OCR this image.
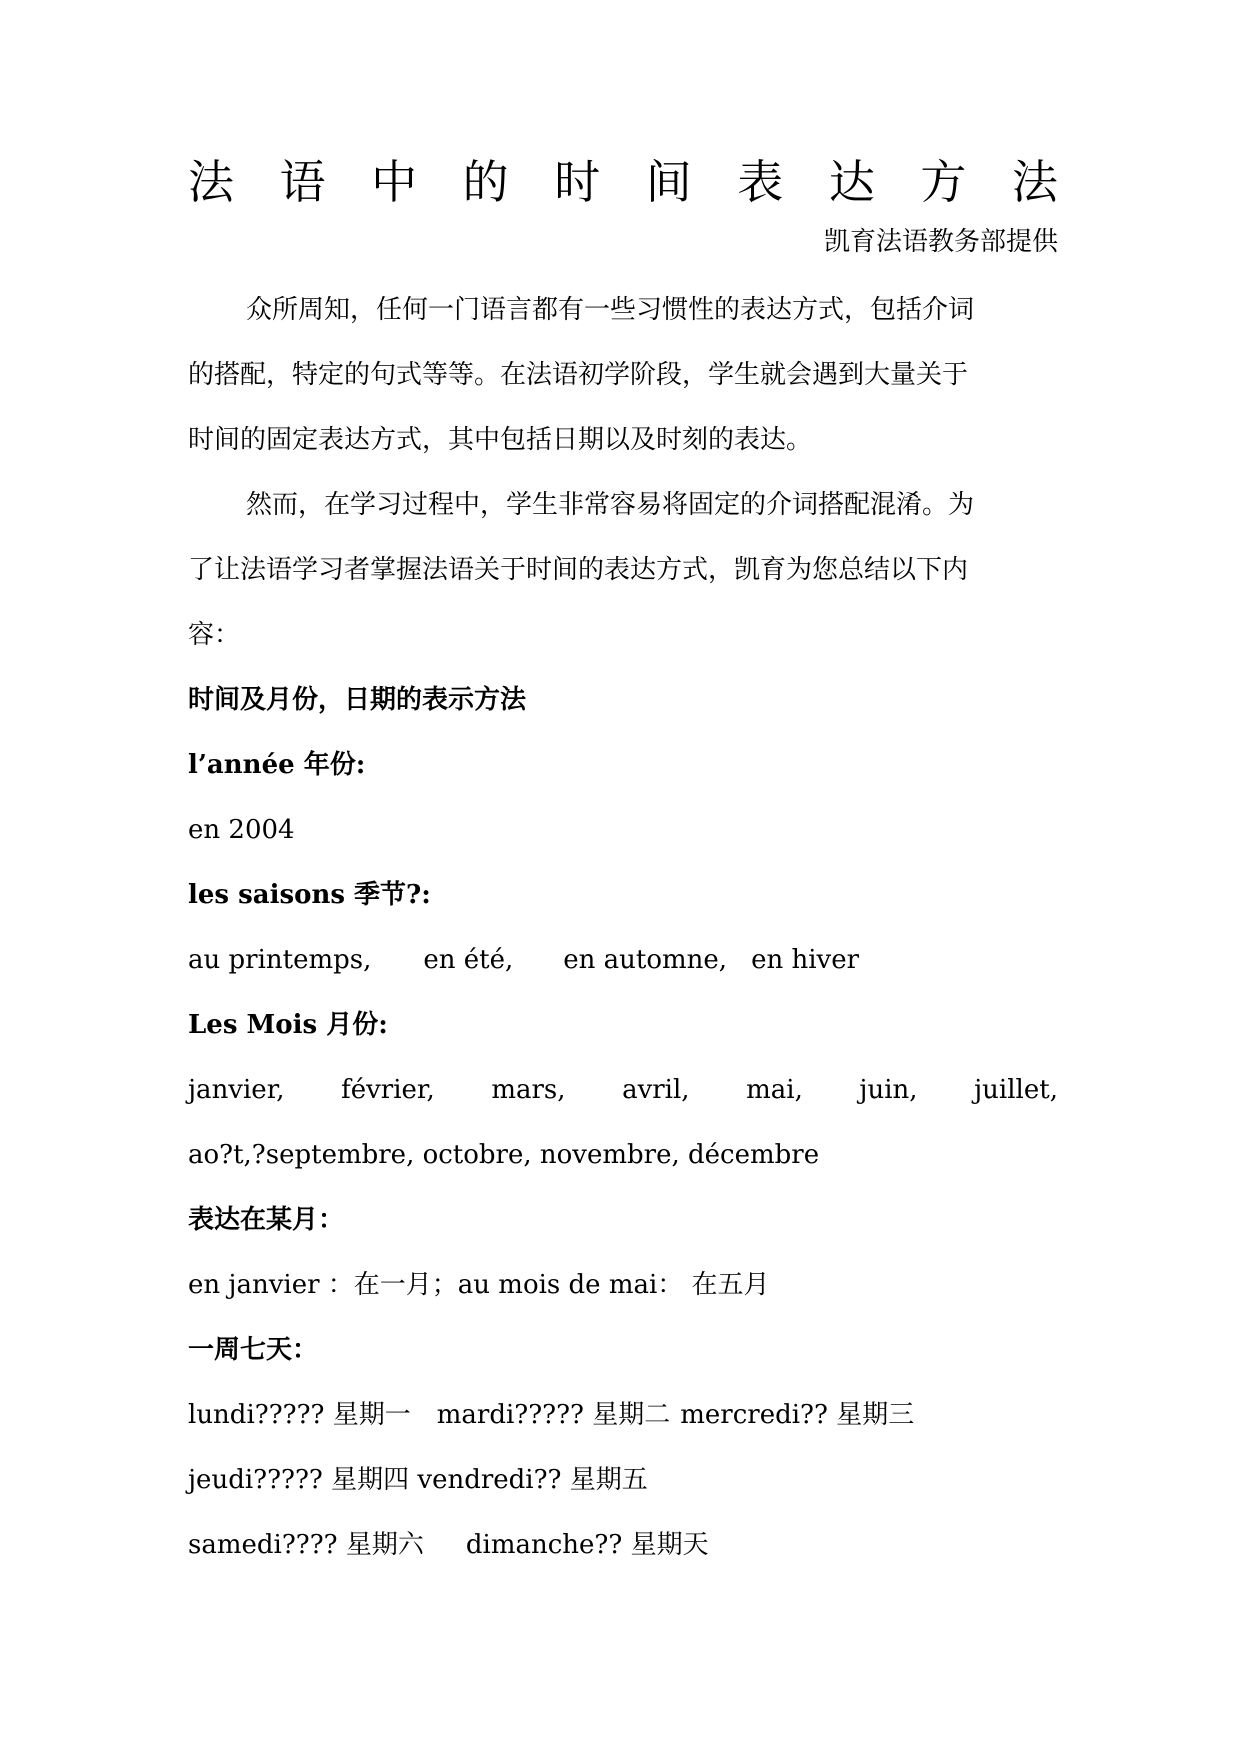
法 语 中 的 时 间 表 达 方 法
凯育法语教务部提供
众所周知，任何一门语言都有一些习惯性的表达方式，包括介词
的搭配，特定的句式等等。在法语初学阶段，学生就会遇到大量关于
时间的固定表达方式，其中包括日期以及时刻的表达。
然而，在学习过程中，学生非常容易将固定的介词搭配混淆。为
了让法语学习者掌握法语关于时间的表达方式，凯育为您总结以下内
容：
时间及月份，日期的表示方法
l’année 年份:
en 2004
les saisons 季节?:
au printemps, en été, en automne, en hiver
Les Mois 月份:
janvier, février, mars, avril, mai, juin, juillet,
ao?t,?septembre, octobre, novembre, décembre
表达在某月：
en janvier ：在一月；au mois de mai： 在五月
一周七天：
lundi????? 星期一 mardi????? 星期二 mercredi?? 星期三
jeudi????? 星期四 vendredi?? 星期五
samedi???? 星期六 dimanche?? 星期天
